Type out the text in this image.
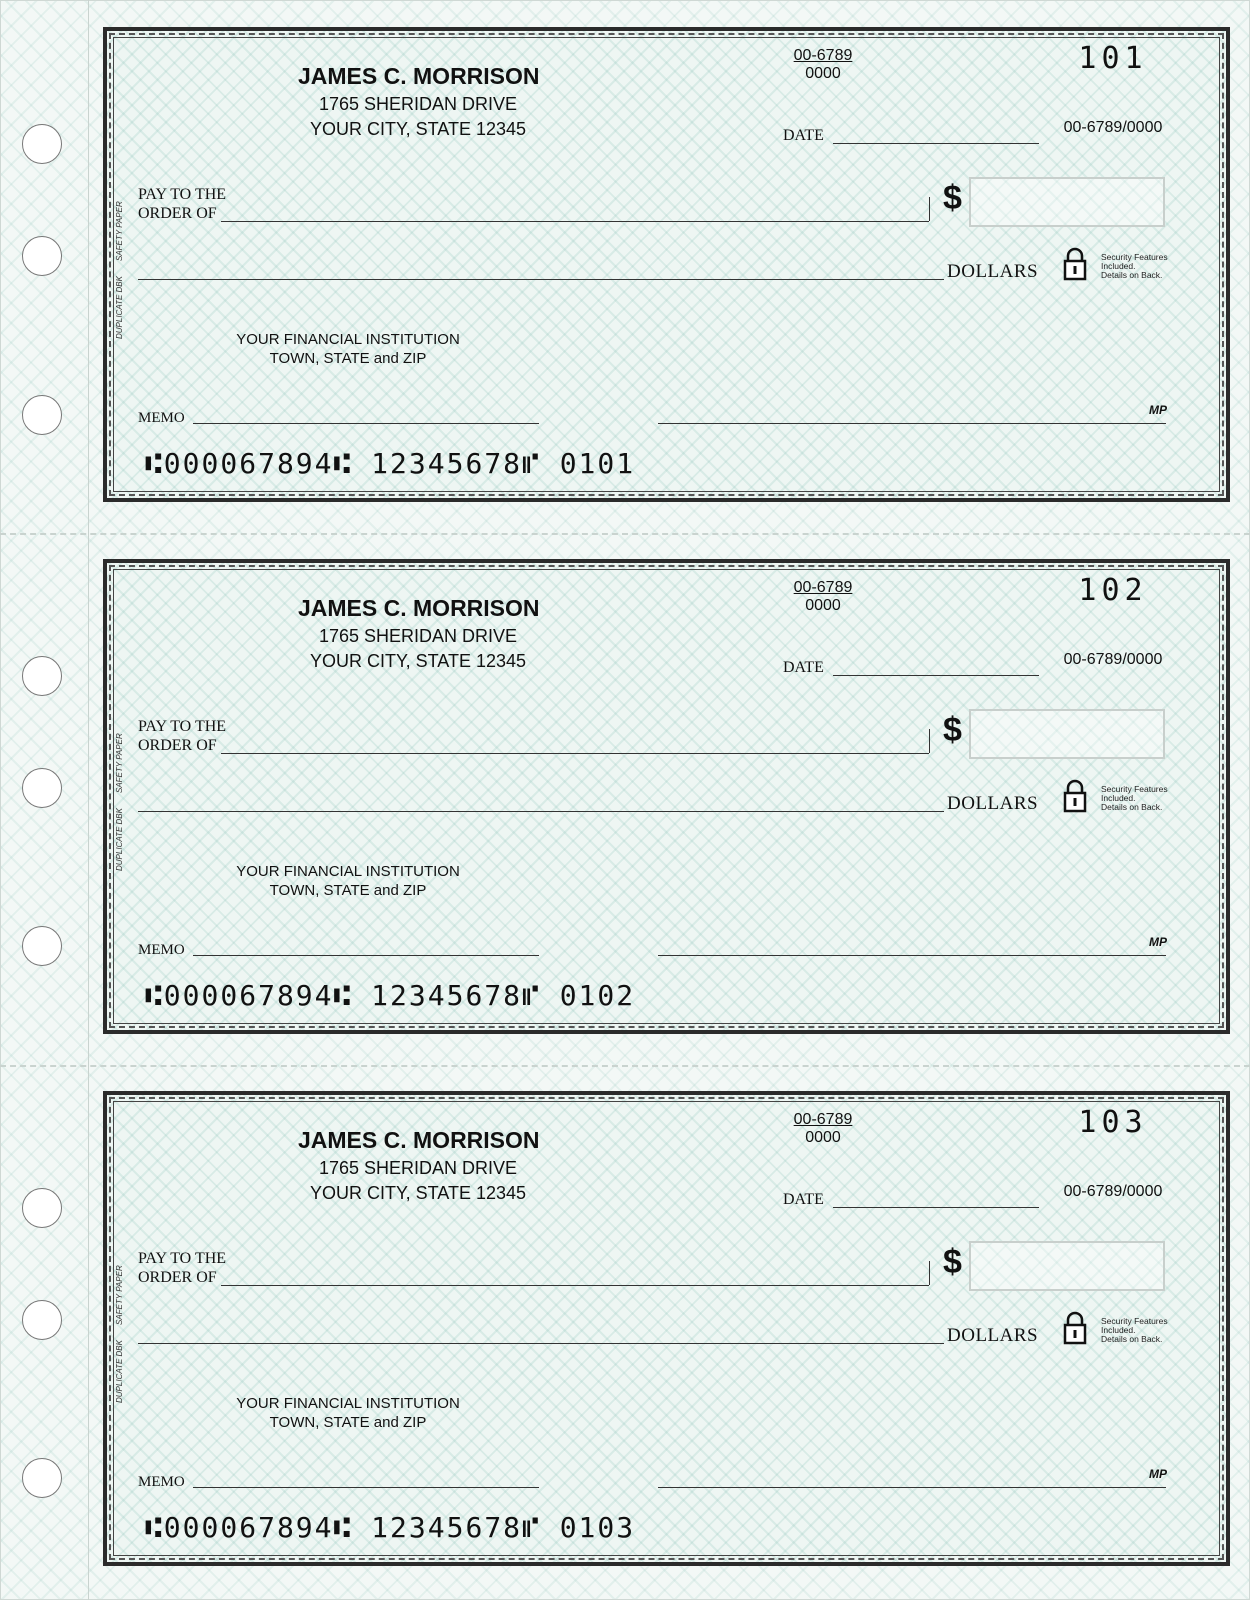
JAMES C. MORRISON
1765 SHERIDAN DRIVE
YOUR CITY, STATE 12345
00-6789
0000	101
DATE	00-6789/0000
PAY TO THE
ORDER OF	$
DOLLARS
Security Features
Included.
Details on Back.
SAFETY PAPER
DUPLICATE DBK
YOUR FINANCIAL INSTITUTION
TOWN, STATE and ZIP
MEMO	MP
⑆000067894⑆ 12345678⑈ 0101
JAMES C. MORRISON
1765 SHERIDAN DRIVE
YOUR CITY, STATE 12345
00-6789
0000	102
DATE	00-6789/0000
PAY TO THE
ORDER OF	$
DOLLARS
Security Features
Included.
Details on Back.
SAFETY PAPER
DUPLICATE DBK
YOUR FINANCIAL INSTITUTION
TOWN, STATE and ZIP
MEMO	MP
⑆000067894⑆ 12345678⑈ 0102
JAMES C. MORRISON
1765 SHERIDAN DRIVE
YOUR CITY, STATE 12345
00-6789
0000	103
DATE	00-6789/0000
PAY TO THE
ORDER OF	$
DOLLARS
Security Features
Included.
Details on Back.
SAFETY PAPER
DUPLICATE DBK
YOUR FINANCIAL INSTITUTION
TOWN, STATE and ZIP
MEMO	MP
⑆000067894⑆ 12345678⑈ 0103
